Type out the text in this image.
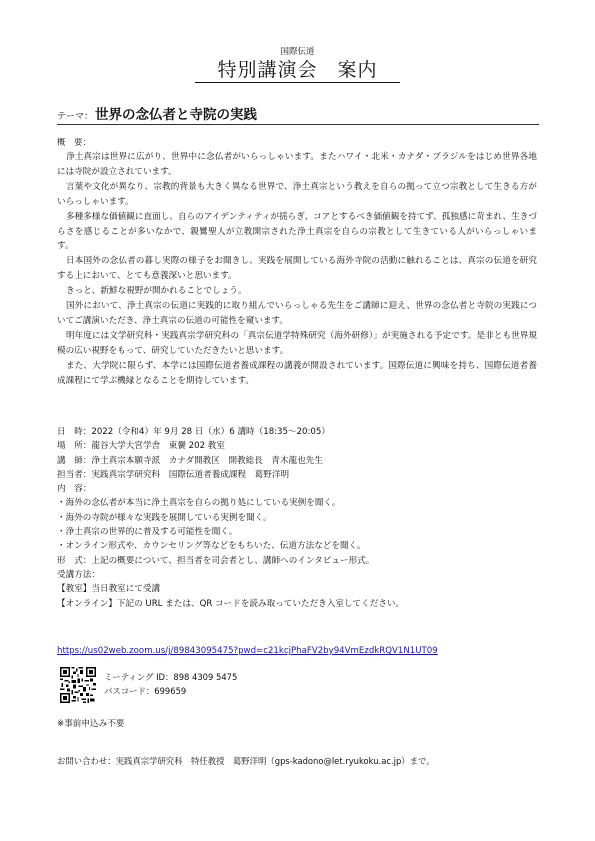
国際伝道
特別講演会　案内
テーマ： 世界の念仏者と寺院の実践
概　要：

浄土真宗は世界に広がり、世界中に念仏者がいらっしゃいます。またハワイ・北米・カナダ・ブラジルをはじめ世界各地には寺院が設立されています。

言葉や文化が異なり、宗教的背景も大きく異なる世界で、浄土真宗という教えを自らの拠って立つ宗教として生きる方がいらっしゃいます。

多種多様な価値観に直面し、自らのアイデンティティが揺らぎ、コアとするべき価値観を持てず、孤独感に苛まれ、生きづらさを感じることが多いなかで、親鸞聖人が立教開宗された浄土真宗を自らの宗教として生きている人がいらっしゃいます。

日本国外の念仏者の暮し実際の様子をお聞きし、実践を展開している海外寺院の活動に触れることは、真宗の伝道を研究する上において、とても意義深いと思います。

きっと、新鮮な視野が開かれることでしょう。

国外において、浄土真宗の伝道に実践的に取り組んでいらっしゃる先生をご講師に迎え、世界の念仏者と寺院の実践についてご講演いただき、浄土真宗の伝道の可能性を窺います。

明年度には文学研究科・実践真宗学研究科の「真宗伝道学特殊研究（海外研修）」が実施される予定です。是非とも世界規模の広い視野をもって、研究していただきたいと思います。

また、大学院に限らず、本学には国際伝道者養成課程の講義が開設されています。国際伝道に興味を持ち、国際伝道者養成課程にて学ぶ機縁となることを期待しています。

日　時：2022（令和4）年 9月 28 日（水）6 講時（18:35～20:05）
場　所：龍谷大学大宮学舎　東黌 202 教室
講　師：浄土真宗本願寺派　カナダ開教区　開教総長　青木龍也先生
担当者：実践真宗学研究科　国際伝道者養成課程　葛野洋明
内　容：
・海外の念仏者が本当に浄土真宗を自らの拠り処にしている実例を聞く。
・海外の寺院が様々な実践を展開している実例を聞く。
・浄土真宗の世界的に普及する可能性を聞く。
・オンライン形式や、カウンセリング等などをもちいた、伝道方法などを聞く。
形　式：上記の概要について、担当者を司会者とし、講師へのインタビュー形式。
受講方法：
【教室】当日教室にて受講
【オンライン】下記の URL または、QR コードを読み取っていただき入室してください。
https://us02web.zoom.us/j/89843095475?pwd=c21kcjPhaFV2by94VmEzdkRQV1N1UT09
ミーティング ID：898 4309 5475
パスコード：699659
※事前申込み不要
お問い合わせ：実践真宗学研究科　特任教授　葛野洋明（gps-kadono@let.ryukoku.ac.jp）まで。
